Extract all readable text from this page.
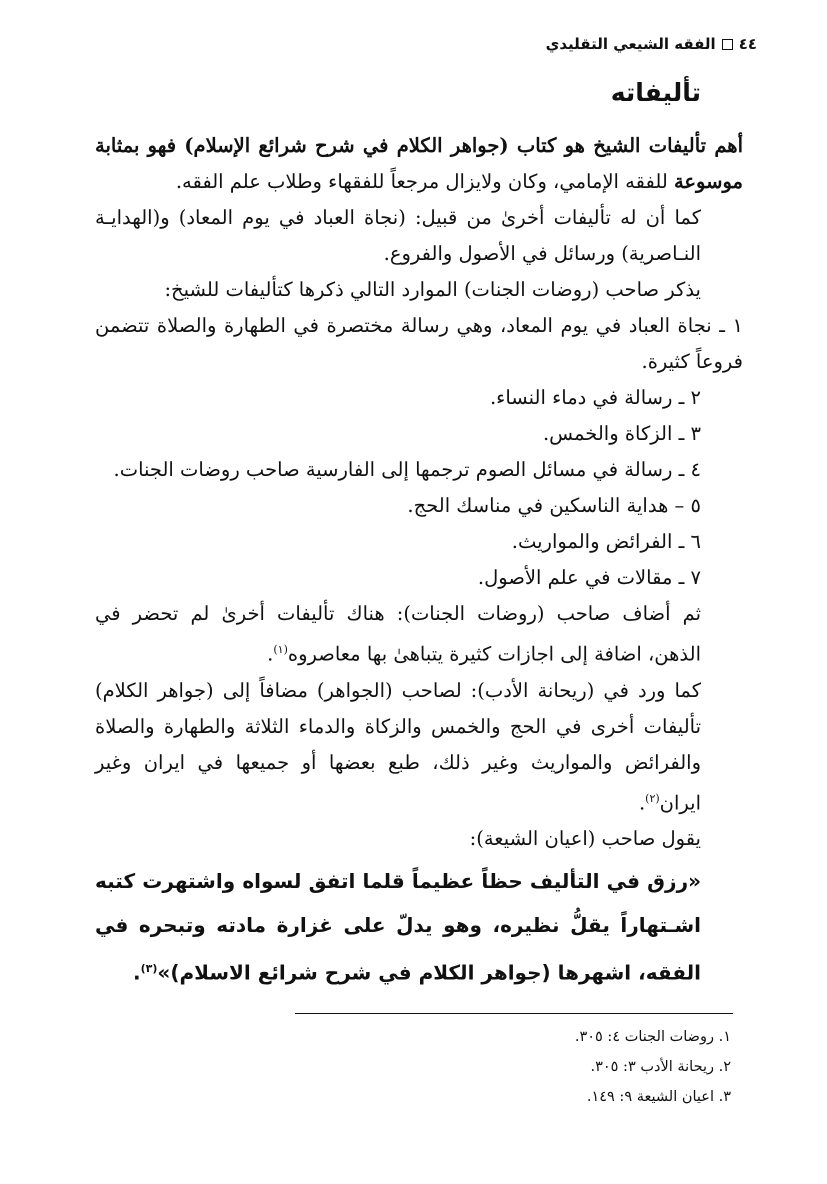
٤٤
الفقه الشيعي التقليدي
تأليفاته

أهم تأليفات الشيخ هو كتاب (جواهر الكلام في شرح شرائع الإسلام) فهو بمثابة موسوعة للفقه الإمامي، وكان ولايزال مرجعاً للفقهاء وطلاب علم الفقه.

كما أن له تأليفات أخرىٰ من قبيل: (نجاة العباد في يوم المعاد) و(الهدايـة النـاصرية) ورسائل في الأصول والفروع.

يذكر صاحب (روضات الجنات) الموارد التالي ذكرها كتأليفات للشيخ:

١ ـ نجاة العباد في يوم المعاد، وهي رسالة مختصرة في الطهارة والصلاة تتضمن فروعاً كثيرة.

٢ ـ رسالة في دماء النساء.

٣ ـ الزكاة والخمس.

٤ ـ رسالة في مسائل الصوم ترجمها إلى الفارسية صاحب روضات الجنات.

٥ – هداية الناسكين في مناسك الحج.

٦ ـ الفرائض والمواريث.

٧ ـ مقالات في علم الأصول.

ثم أضاف صاحب (روضات الجنات): هناك تأليفات أخرىٰ لم تحضر في الذهن، اضافة إلى اجازات كثيرة يتباهىٰ بها معاصروه$^{(١)}$.

كما ورد في (ريحانة الأدب): لصاحب (الجواهر) مضافاً إلى (جواهر الكلام) تأليفات أخرى في الحج والخمس والزكاة والدماء الثلاثة والطهارة والصلاة والفرائض والمواريث وغير ذلك، طبع بعضها أو جميعها في ايران وغير ايران$^{(٢)}$.

يقول صاحب (اعيان الشيعة):

«رزق في التأليف حظاً عظيماً قلما اتفق لسواه واشتهرت كتبه اشـتهاراً يقلُّ نظيره، وهو يدلّ على غزارة مادته وتبحره في الفقه، اشهرها (جواهر الكلام في شرح شرائع الاسلام)»$^{(٣)}$.

١. روضات الجنات ٤: ٣٠٥.
٢. ريحانة الأدب ٣: ٣٠٥.
٣. اعيان الشيعة ٩: ١٤٩.
